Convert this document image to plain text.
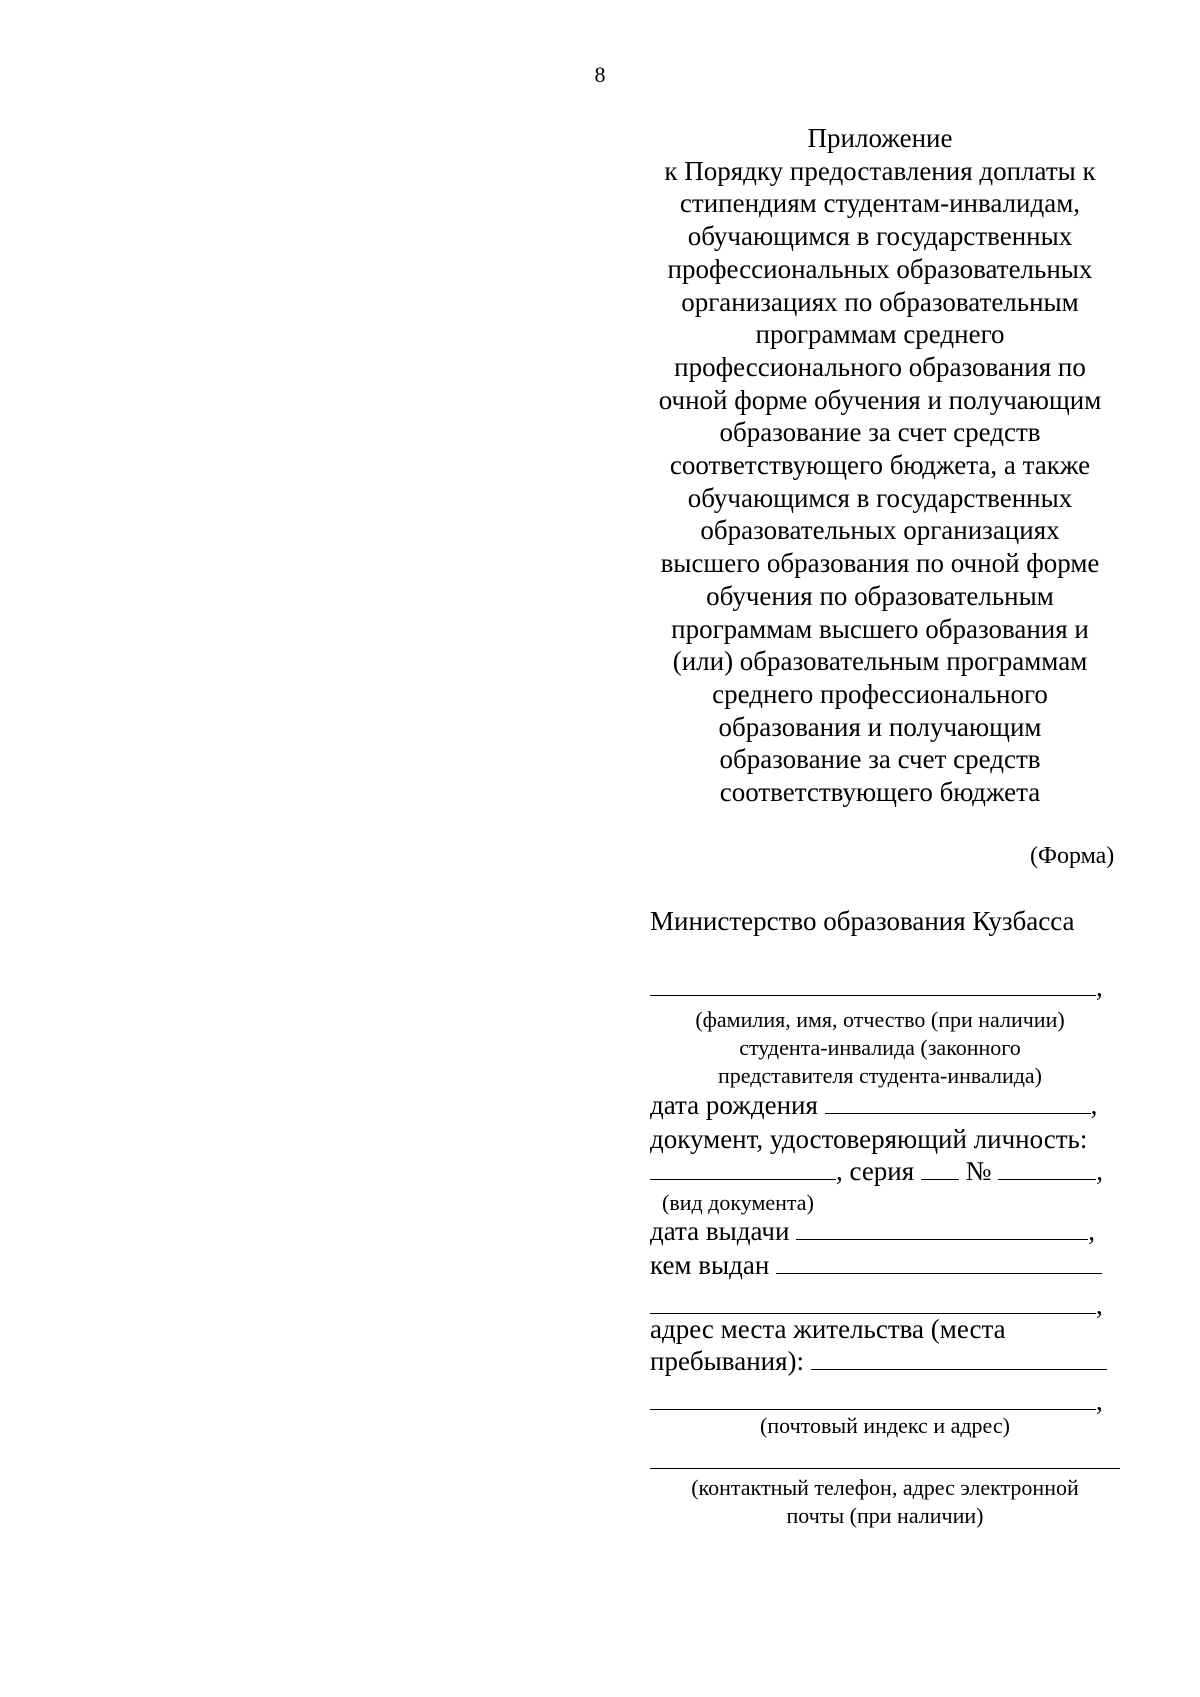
8
Приложение
к Порядку предоставления доплаты к
стипендиям студентам-инвалидам,
обучающимся в государственных
профессиональных образовательных
организациях по образовательным
программам среднего
профессионального образования по
очной форме обучения и получающим
образование за счет средств
соответствующего бюджета, а также
обучающимся в государственных
образовательных организациях
высшего образования по очной форме
обучения по образовательным
программам высшего образования и
(или) образовательным программам
среднего профессионального
образования и получающим
образование за счет средств
соответствующего бюджета
(Форма)
Министерство образования Кузбасса
,
(фамилия, имя, отчество (при наличии)
студента-инвалида (законного
представителя студента-инвалида)
дата рождения	,
документ, удостоверяющий личность:
, серия №	,
(вид документа)
дата выдачи	,
кем выдан
,
адрес места жительства (места
пребывания):
,
(почтовый индекс и адрес)
(контактный телефон, адрес электронной
почты (при наличии)
